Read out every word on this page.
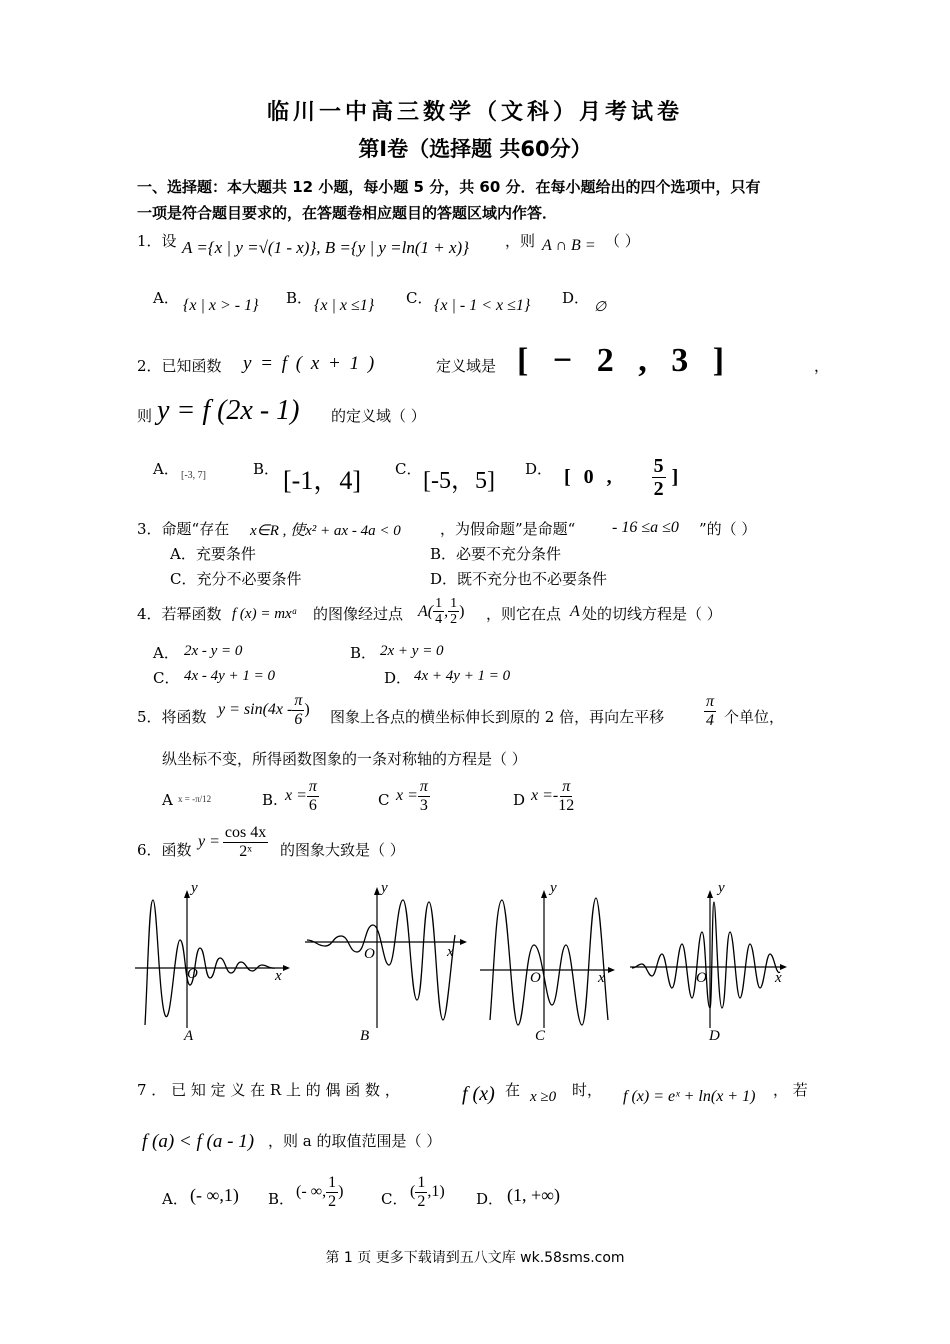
临川一中高三数学（文科）月考试卷
第Ⅰ卷（选择题 共60分）
一、选择题：本大题共 12 小题，每小题 5 分，共 60 分．在每小题给出的四个选项中，只有
一项是符合题目要求的，在答题卷相应题目的答题区域内作答．
1．设 A ={x | y =√(1 - x)}, B ={y | y =ln(1 + x)} ，则 A ∩ B = （ ）
A． {x | x > - 1} B． {x | x ≤1} C． {x | - 1 < x ≤1} D．
∅
2．已知函数 y = f ( x + 1 )	定义域是 [ − 2 , 3 ]	，
则 y = f (2x - 1) 的定义域（ ）
A． [-3, 7]	B． [-1，4] C． [-5，5] D． [ 0 , $\frac{5}{2}$ ]
3．命题“存在 x∈R , 使x² + ax - 4a < 0	，为假命题”是命题“ - 16 ≤a ≤0 ”的（ ）
A．充要条件	B．必要不充分条件
C．充分不必要条件	D．既不充分也不必要条件
4．若幂函数 f (x) = mxᵃ 的图像经过点 $A( \frac{1}{4}$ , $\frac{1}{2}$ ) ，则它在点 A 处的切线方程是（ ）
A． 2x - y = 0	B． 2x + y = 0
C． 4x - 4y + 1 = 0	D． 4x + 4y + 1 = 0
5．将函数 $y = \sin(4x - \frac{\pi}{6}$ ) 图象上各点的横坐标伸长到原的 2 倍，再向左平移 $\frac{\pi}{4}$ 个单位，
纵坐标不变，所得函数图象的一条对称轴的方程是（ ）
A x = -π/12	B. $x = \frac{\pi}{6}$	C $x = \frac{\pi}{3}$	D $x =- \frac{\pi}{12}$
6．函数 $y = \frac{\cos 4x}{\text{2ˣ}}$ 的图象大致是（ ）
y
x
O
A
y
x
O
B
y
x
O
C
y
x
O
D
7 ． 已 知 定 义 在 R 上 的 偶 函 数 ，	f (x) 在 x ≥0 时， f (x) = eˣ + ln(x + 1) ， 若
f (a) < f (a - 1) ，则 a 的取值范围是（ ）
A． (- ∞,1) B． (- ∞, $\frac{1}{2}$ )	C． ( $\frac{1}{2} ,1$) D． (1, +∞)
第 1 页 更多下载请到五八文库 wk.58sms.com
